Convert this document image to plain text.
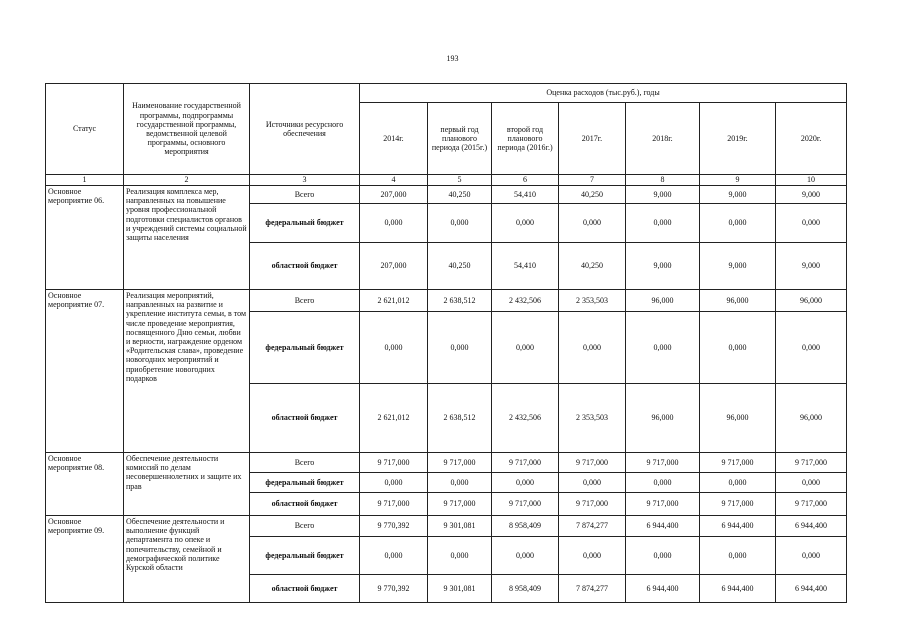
193
Статус	Наименование государственной программы, подпрограммы государственной программы, ведомственной целевой программы, основного мероприятия	Источники ресурсного обеспечения	Оценка расходов (тыс.руб.), годы						
			2014г.	первый год планового периода (2015г.)	второй год планового периода (2016г.)	2017г.	2018г.	2019г.	2020г.
1	2	3	4	5	6	7	8	9	10
Основное мероприятие 06.	Реализация комплекса мер, направленных на повышение уровня профессиональной подготовки специалистов органов и учреждений системы социальной защиты населения	Всего	207,000	40,250	54,410	40,250	9,000	9,000	9,000
		федеральный бюджет	0,000	0,000	0,000	0,000	0,000	0,000	0,000
		областной бюджет	207,000	40,250	54,410	40,250	9,000	9,000	9,000
Основное мероприятие 07.	Реализация мероприятий, направленных на развитие и укрепление института семьи, в том числе проведение мероприятия, посвященного Дню семьи, любви и верности, награждение орденом «Родительская слава», проведение новогодних мероприятий и приобретение новогодних подарков	Всего	2 621,012	2 638,512	2 432,506	2 353,503	96,000	96,000	96,000
		федеральный бюджет	0,000	0,000	0,000	0,000	0,000	0,000	0,000
		областной бюджет	2 621,012	2 638,512	2 432,506	2 353,503	96,000	96,000	96,000
Основное мероприятие 08.	Обеспечение деятельности комиссий по делам несовершеннолетних и защите их прав	Всего	9 717,000	9 717,000	9 717,000	9 717,000	9 717,000	9 717,000	9 717,000
		федеральный бюджет	0,000	0,000	0,000	0,000	0,000	0,000	0,000
		областной бюджет	9 717,000	9 717,000	9 717,000	9 717,000	9 717,000	9 717,000	9 717,000
Основное мероприятие 09.	Обеспечение деятельности и выполнение функций департамента по опеке и попечительству, семейной и демографической политике Курской области	Всего	9 770,392	9 301,081	8 958,409	7 874,277	6 944,400	6 944,400	6 944,400
		федеральный бюджет	0,000	0,000	0,000	0,000	0,000	0,000	0,000
		областной бюджет	9 770,392	9 301,081	8 958,409	7 874,277	6 944,400	6 944,400	6 944,400
